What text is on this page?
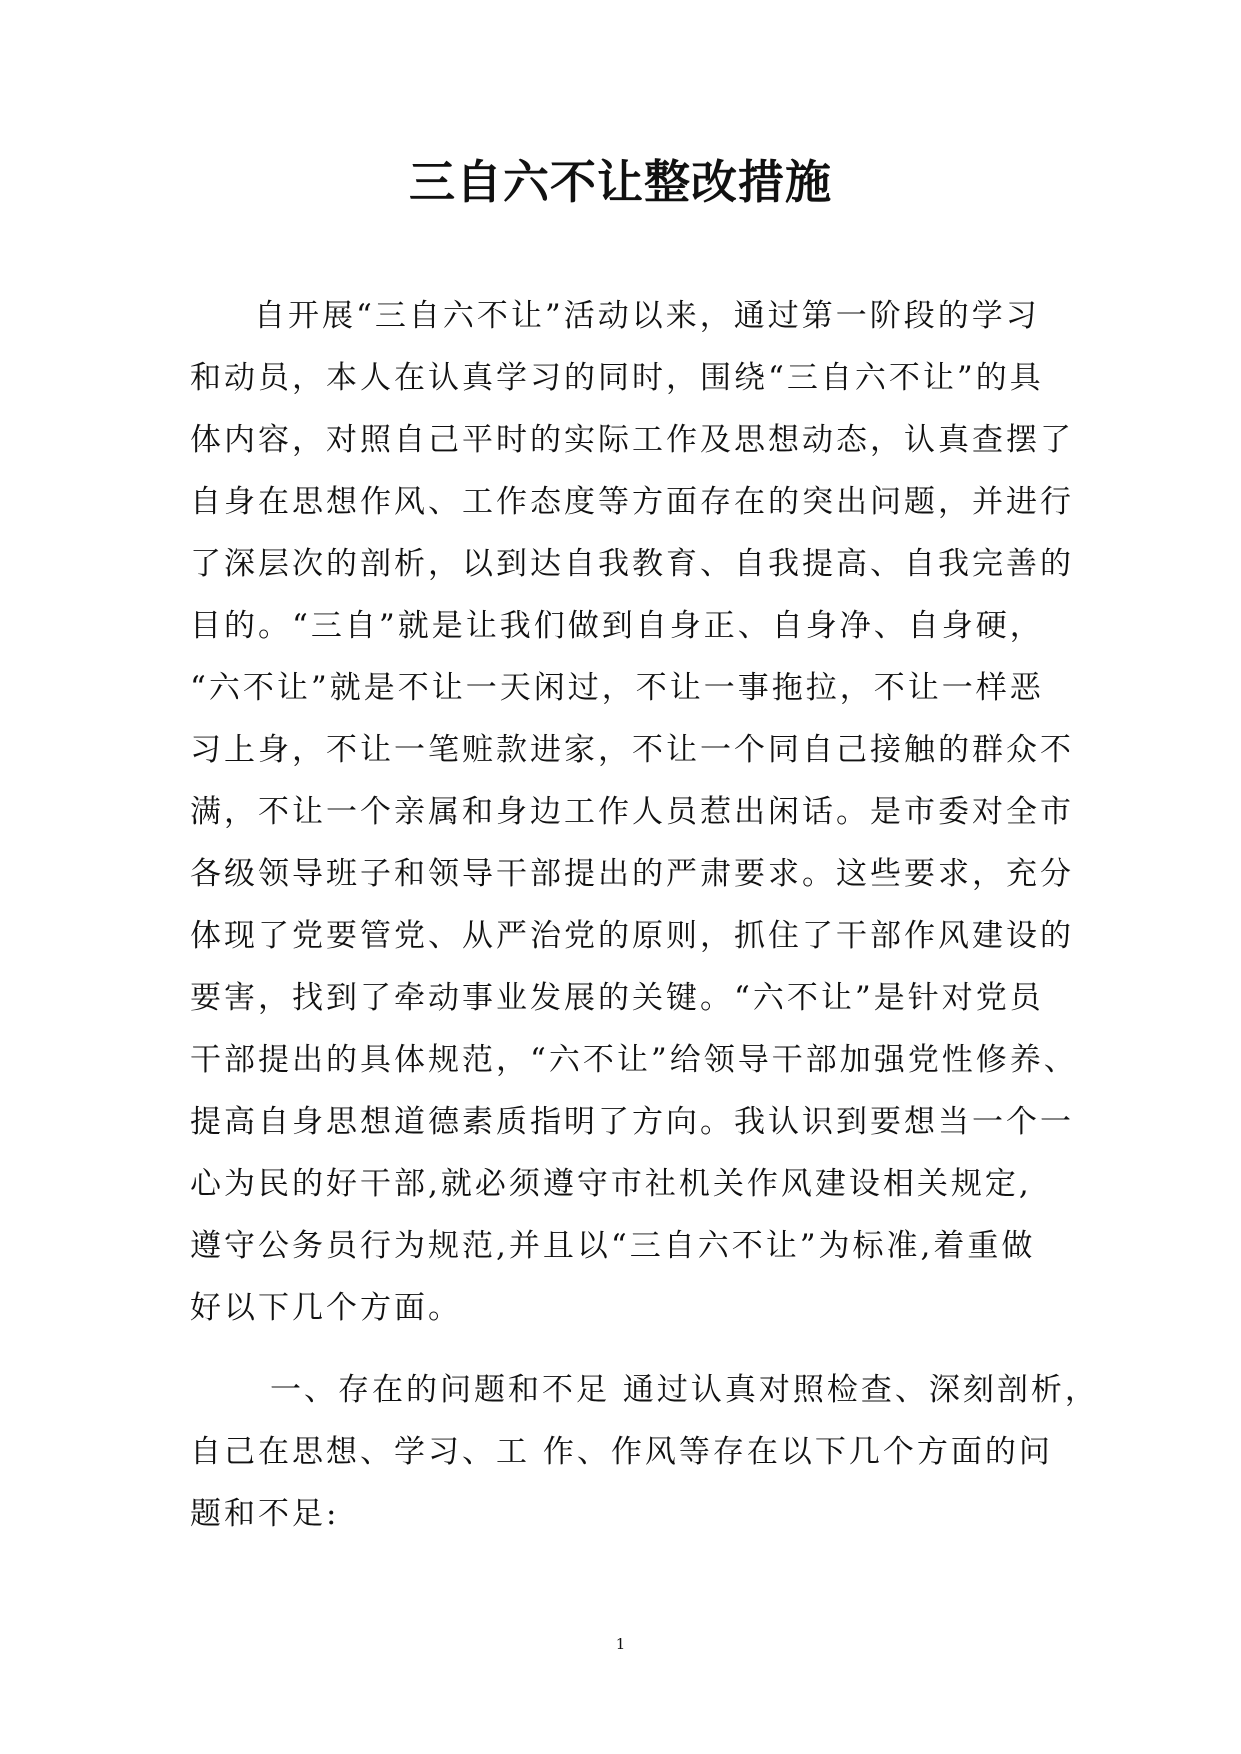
三自六不让整改措施
自开展“三自六不让”活动以来，通过第一阶段的学习
和动员，本人在认真学习的同时，围绕“三自六不让”的具
体内容，对照自己平时的实际工作及思想动态，认真查摆了
自身在思想作风、工作态度等方面存在的突出问题，并进行
了深层次的剖析，以到达自我教育、自我提高、自我完善的
目的。“三自”就是让我们做到自身正、自身净、自身硬，
“六不让”就是不让一天闲过，不让一事拖拉，不让一样恶
习上身，不让一笔赃款进家，不让一个同自己接触的群众不
满，不让一个亲属和身边工作人员惹出闲话。是市委对全市
各级领导班子和领导干部提出的严肃要求。这些要求，充分
体现了党要管党、从严治党的原则，抓住了干部作风建设的
要害，找到了牵动事业发展的关键。“六不让”是针对党员
干部提出的具体规范，“六不让”给领导干部加强党性修养、
提高自身思想道德素质指明了方向。我认识到要想当一个一
心为民的好干部,就必须遵守市社机关作风建设相关规定,
遵守公务员行为规范,并且以“三自六不让”为标准,着重做
好以下几个方面。
一、存在的问题和不足 通过认真对照检查、深刻剖析，
自己在思想、学习、工 作、作风等存在以下几个方面的问
题和不足:
1
